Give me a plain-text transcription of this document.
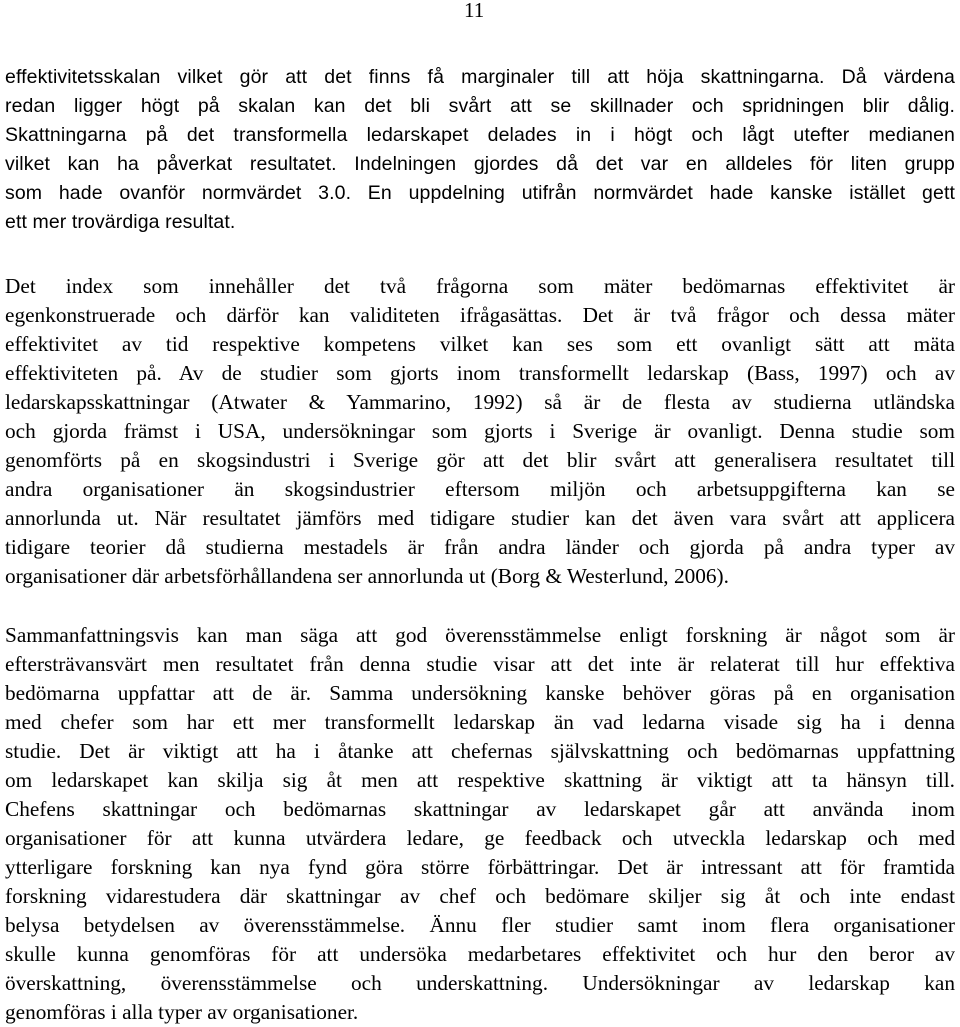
11
effektivitetsskalan vilket gör att det finns få marginaler till att höja skattningarna. Då värdena
redan ligger högt på skalan kan det bli svårt att se skillnader och spridningen blir dålig.
Skattningarna på det transformella ledarskapet delades in i högt och lågt utefter medianen
vilket kan ha påverkat resultatet. Indelningen gjordes då det var en alldeles för liten grupp
som hade ovanför normvärdet 3.0. En uppdelning utifrån normvärdet hade kanske istället gett
ett mer trovärdiga resultat.
Det index som innehåller det två frågorna som mäter bedömarnas effektivitet är
egenkonstruerade och därför kan validiteten ifrågasättas. Det är två frågor och dessa mäter
effektivitet av tid respektive kompetens vilket kan ses som ett ovanligt sätt att mäta
effektiviteten på. Av de studier som gjorts inom transformellt ledarskap (Bass, 1997) och av
ledarskapsskattningar (Atwater & Yammarino, 1992) så är de flesta av studierna utländska
och gjorda främst i USA, undersökningar som gjorts i Sverige är ovanligt. Denna studie som
genomförts på en skogsindustri i Sverige gör att det blir svårt att generalisera resultatet till
andra organisationer än skogsindustrier eftersom miljön och arbetsuppgifterna kan se
annorlunda ut. När resultatet jämförs med tidigare studier kan det även vara svårt att applicera
tidigare teorier då studierna mestadels är från andra länder och gjorda på andra typer av
organisationer där arbetsförhållandena ser annorlunda ut (Borg & Westerlund, 2006).
Sammanfattningsvis kan man säga att god överensstämmelse enligt forskning är något som är
eftersträvansvärt men resultatet från denna studie visar att det inte är relaterat till hur effektiva
bedömarna uppfattar att de är. Samma undersökning kanske behöver göras på en organisation
med chefer som har ett mer transformellt ledarskap än vad ledarna visade sig ha i denna
studie. Det är viktigt att ha i åtanke att chefernas självskattning och bedömarnas uppfattning
om ledarskapet kan skilja sig åt men att respektive skattning är viktigt att ta hänsyn till.
Chefens skattningar och bedömarnas skattningar av ledarskapet går att använda inom
organisationer för att kunna utvärdera ledare, ge feedback och utveckla ledarskap och med
ytterligare forskning kan nya fynd göra större förbättringar. Det är intressant att för framtida
forskning vidarestudera där skattningar av chef och bedömare skiljer sig åt och inte endast
belysa betydelsen av överensstämmelse. Ännu fler studier samt inom flera organisationer
skulle kunna genomföras för att undersöka medarbetares effektivitet och hur den beror av
överskattning, överensstämmelse och underskattning. Undersökningar av ledarskap kan
genomföras i alla typer av organisationer.
